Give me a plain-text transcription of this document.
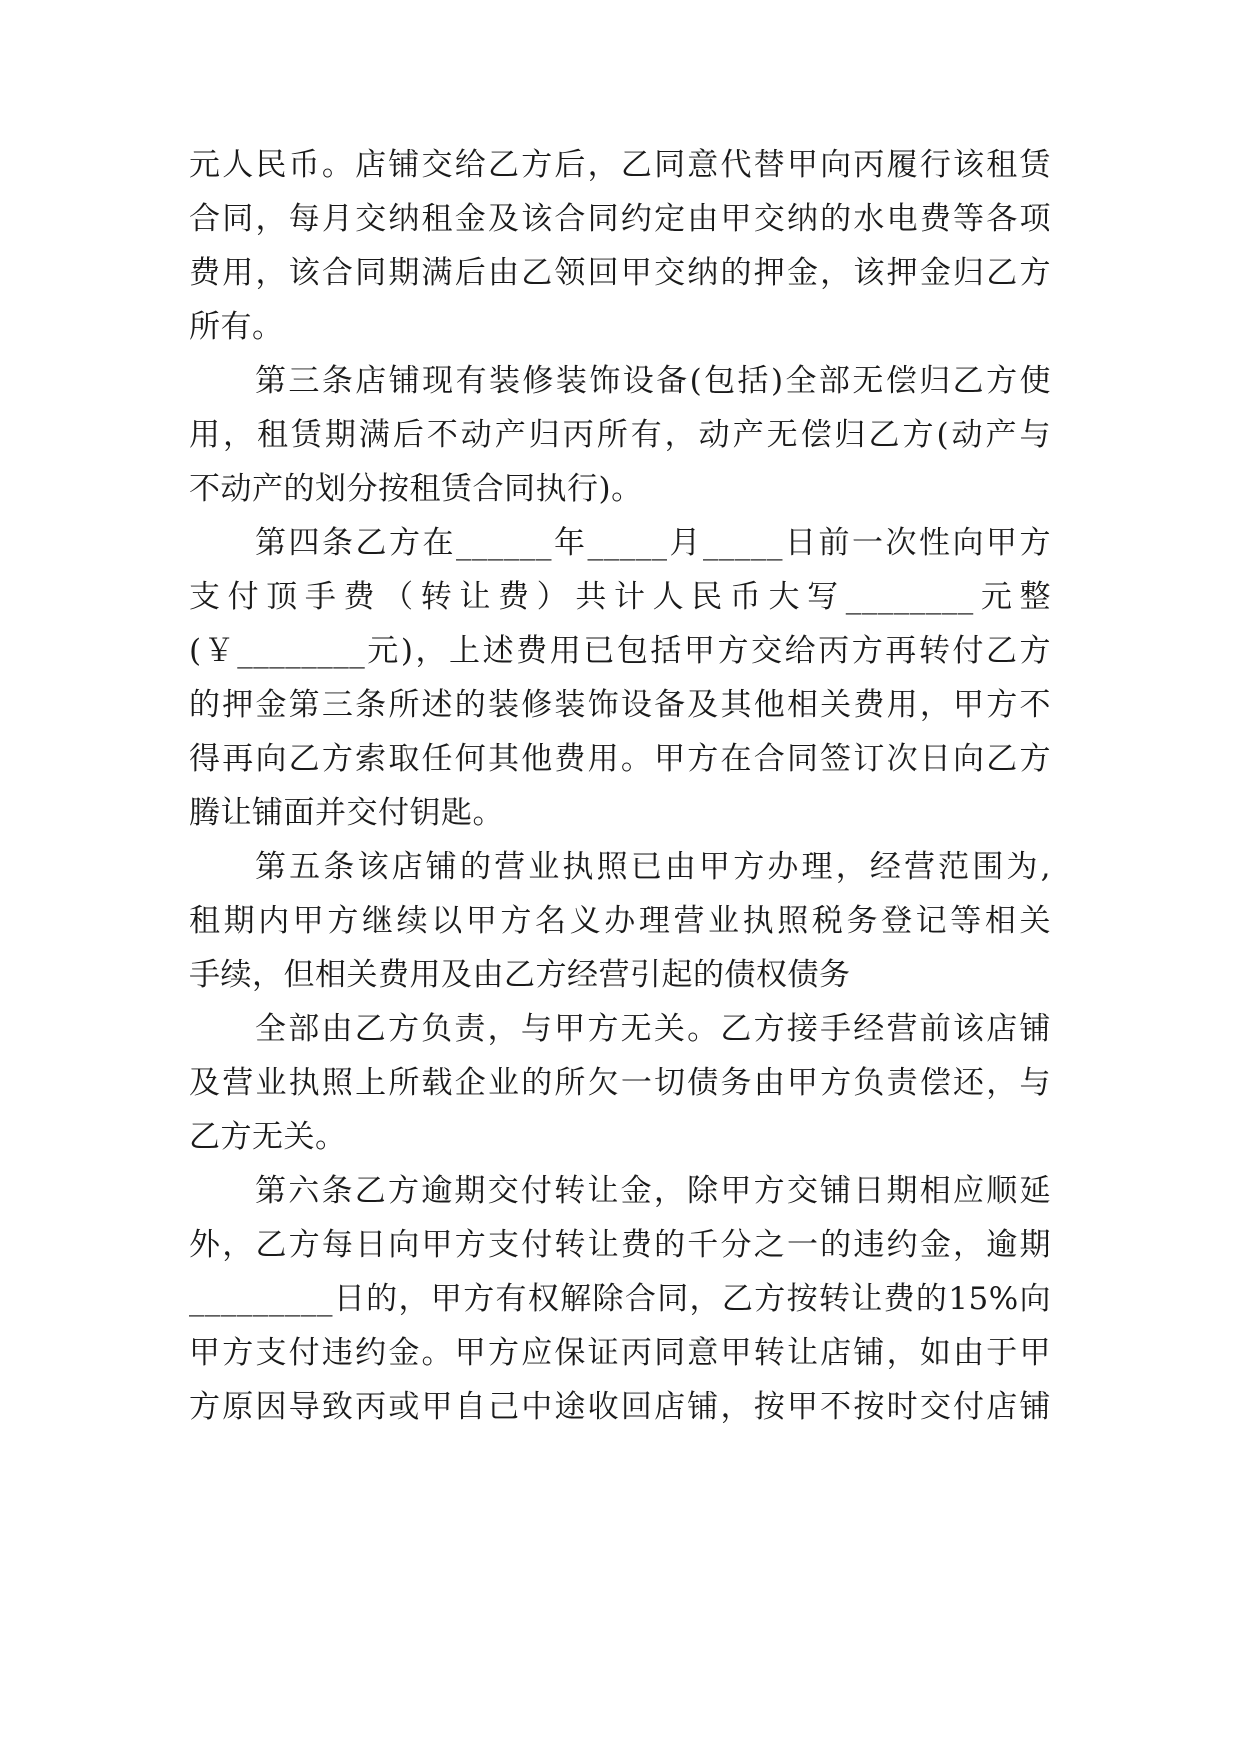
元人民币。店铺交给乙方后，乙同意代替甲向丙履行该租赁
合同，每月交纳租金及该合同约定由甲交纳的水电费等各项
费用，该合同期满后由乙领回甲交纳的押金，该押金归乙方
所有。
第三条店铺现有装修装饰设备(包括)全部无偿归乙方使
用，租赁期满后不动产归丙所有，动产无偿归乙方(动产与
不动产的划分按租赁合同执行)。
第四条乙方在______年_____月_____日前一次性向甲方
支付顶手费（转让费）共计人民币大写________元整
(￥________元)，上述费用已包括甲方交给丙方再转付乙方
的押金第三条所述的装修装饰设备及其他相关费用，甲方不
得再向乙方索取任何其他费用。甲方在合同签订次日向乙方
腾让铺面并交付钥匙。
第五条该店铺的营业执照已由甲方办理，经营范围为,
租期内甲方继续以甲方名义办理营业执照税务登记等相关
手续，但相关费用及由乙方经营引起的债权债务
全部由乙方负责，与甲方无关。乙方接手经营前该店铺
及营业执照上所载企业的所欠一切债务由甲方负责偿还，与
乙方无关。
第六条乙方逾期交付转让金，除甲方交铺日期相应顺延
外，乙方每日向甲方支付转让费的千分之一的违约金，逾期
_________日的，甲方有权解除合同，乙方按转让费的15%向
甲方支付违约金。甲方应保证丙同意甲转让店铺，如由于甲
方原因导致丙或甲自己中途收回店铺，按甲不按时交付店铺
